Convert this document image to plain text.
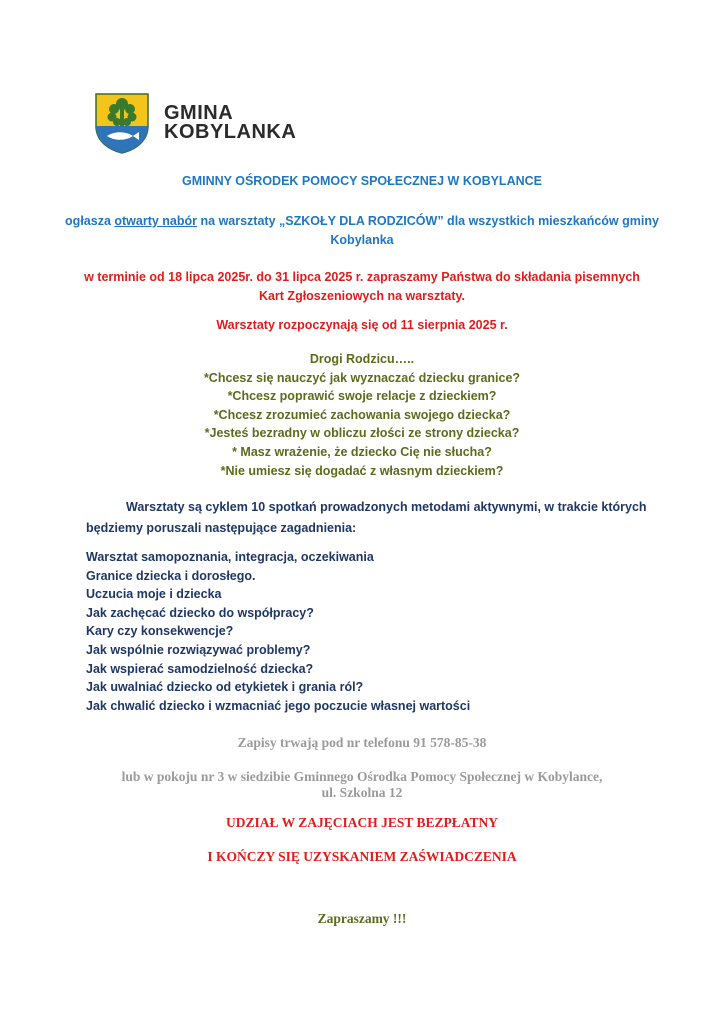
GMINA
KOBYLANKA
GMINNY OŚRODEK POMOCY SPOŁECZNEJ W KOBYLANCE
ogłasza otwarty nabór na warsztaty „SZKOŁY DLA RODZICÓW” dla wszystkich mieszkańców gminy
Kobylanka
w terminie od 18 lipca 2025r. do 31 lipca 2025 r. zapraszamy Państwa do składania pisemnych
Kart Zgłoszeniowych na warsztaty.
Warsztaty rozpoczynają się od 11 sierpnia 2025 r.
Drogi Rodzicu…..
*Chcesz się nauczyć jak wyznaczać dziecku granice?
*Chcesz poprawić swoje relacje z dzieckiem?
*Chcesz zrozumieć zachowania swojego dziecka?
*Jesteś bezradny w obliczu złości ze strony dziecka?
* Masz wrażenie, że dziecko Cię nie słucha?
*Nie umiesz się dogadać z własnym dzieckiem?
Warsztaty są cyklem 10 spotkań prowadzonych metodami aktywnymi, w trakcie których
będziemy poruszali następujące zagadnienia:
Warsztat samopoznania, integracja, oczekiwania
Granice dziecka i dorosłego.
Uczucia moje i dziecka
Jak zachęcać dziecko do współpracy?
Kary czy konsekwencje?
Jak wspólnie rozwiązywać problemy?
Jak wspierać samodzielność dziecka?
Jak uwalniać dziecko od etykietek i grania ról?
Jak chwalić dziecko i wzmacniać jego poczucie własnej wartości
Zapisy trwają pod nr telefonu 91 578-85-38
lub w pokoju nr 3 w siedzibie Gminnego Ośrodka Pomocy Społecznej w Kobylance,
ul. Szkolna 12
UDZIAŁ W ZAJĘCIACH JEST BEZPŁATNY
I KOŃCZY SIĘ UZYSKANIEM ZAŚWIADCZENIA
Zapraszamy !!!
